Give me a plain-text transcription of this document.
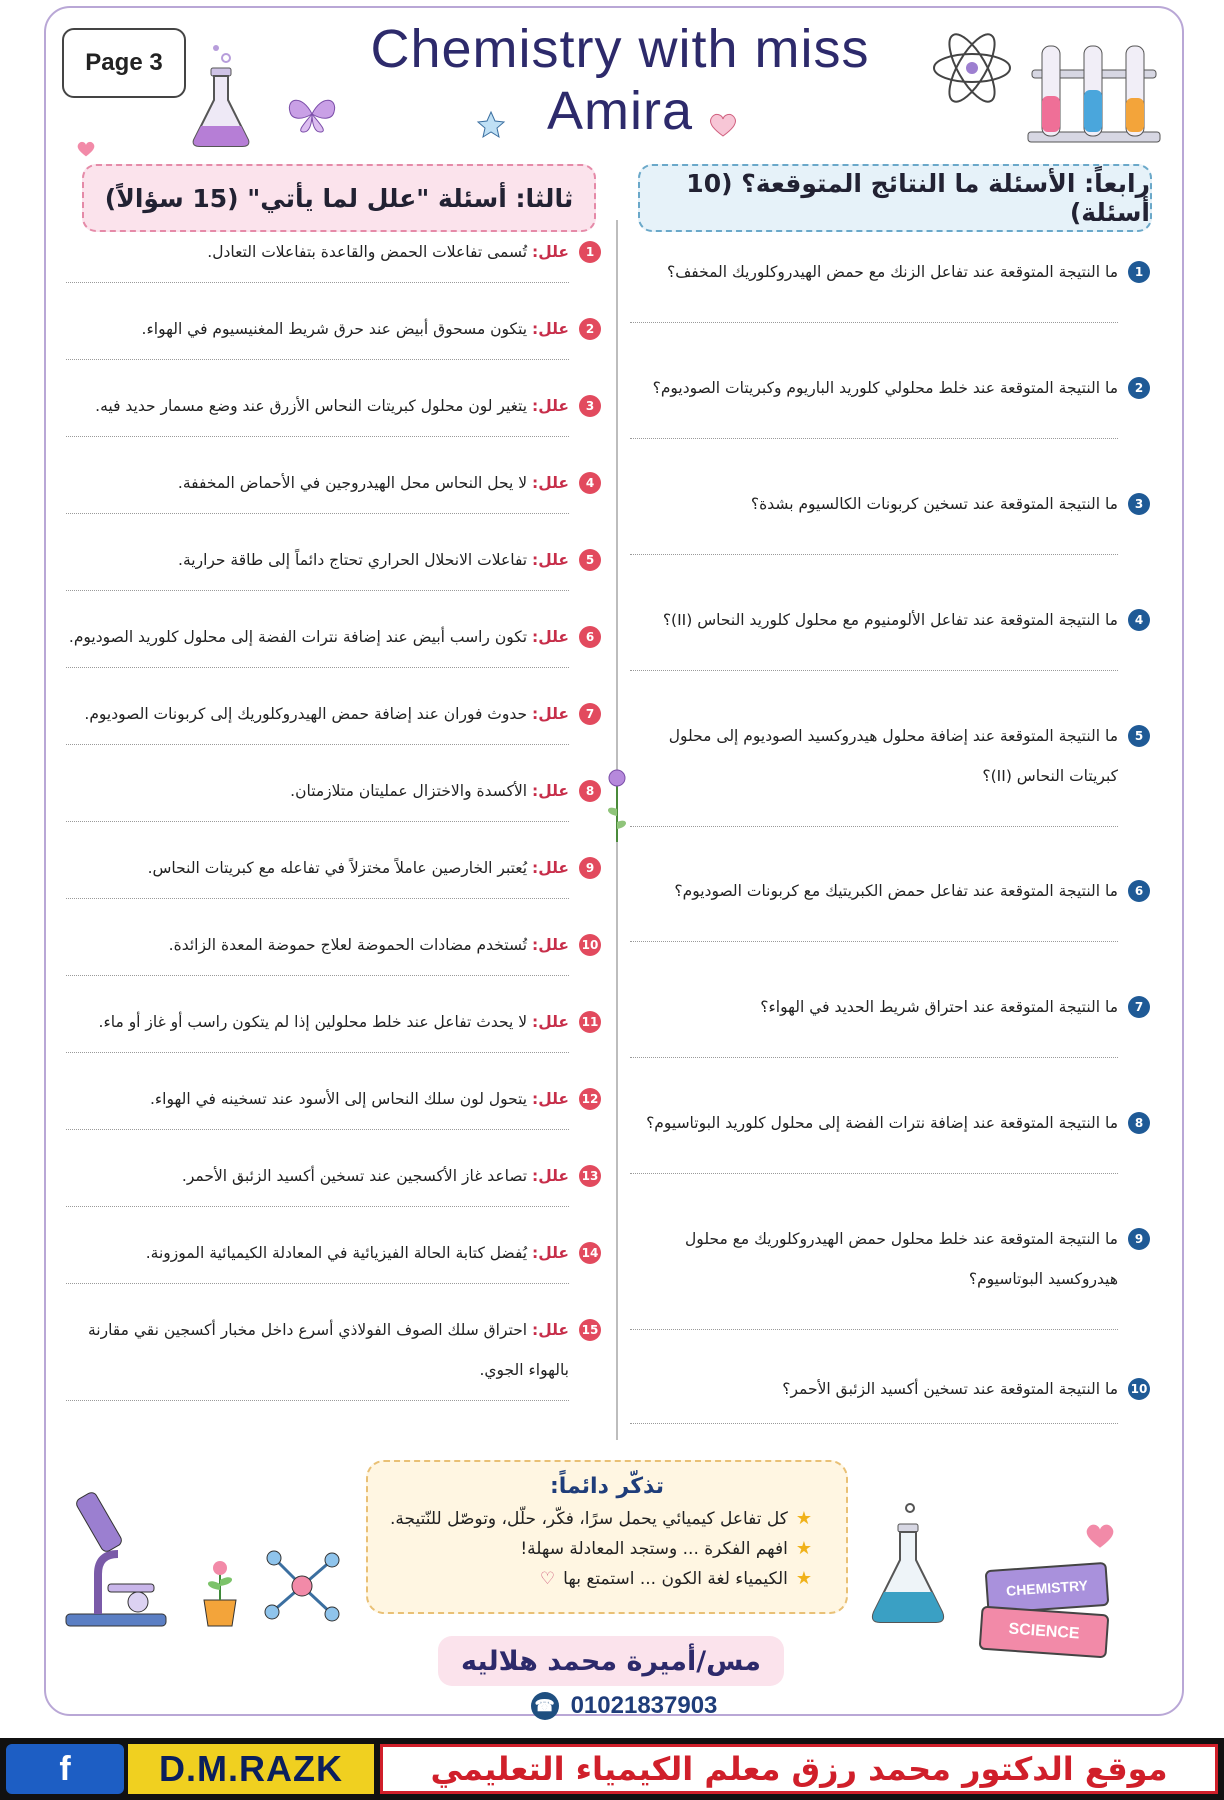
Page 3	Chemistry with miss Amira
ثالثا: أسئلة "علل لما يأتي" (15 سؤالاً)	رابعاً: الأسئلة ما النتائج المتوقعة؟ (10 أسئلة)
1
علل: تُسمى تفاعلات الحمض والقاعدة بتفاعلات التعادل.
2
علل: يتكون مسحوق أبيض عند حرق شريط المغنيسيوم في الهواء.
3
علل: يتغير لون محلول كبريتات النحاس الأزرق عند وضع مسمار حديد فيه.
4
علل: لا يحل النحاس محل الهيدروجين في الأحماض المخففة.
5
علل: تفاعلات الانحلال الحراري تحتاج دائماً إلى طاقة حرارية.
6
علل: تكون راسب أبيض عند إضافة نترات الفضة إلى محلول كلوريد الصوديوم.
7
علل: حدوث فوران عند إضافة حمض الهيدروكلوريك إلى كربونات الصوديوم.
8
علل: الأكسدة والاختزال عمليتان متلازمتان.
9
علل: يُعتبر الخارصين عاملاً مختزلاً في تفاعله مع كبريتات النحاس.
10
علل: تُستخدم مضادات الحموضة لعلاج حموضة المعدة الزائدة.
11
علل: لا يحدث تفاعل عند خلط محلولين إذا لم يتكون راسب أو غاز أو ماء.
12
علل: يتحول لون سلك النحاس إلى الأسود عند تسخينه في الهواء.
13
علل: تصاعد غاز الأكسجين عند تسخين أكسيد الزئبق الأحمر.
14
علل: يُفضل كتابة الحالة الفيزيائية في المعادلة الكيميائية الموزونة.
15
علل: احتراق سلك الصوف الفولاذي أسرع داخل مخبار أكسجين نقي مقارنة بالهواء الجوي.
1
ما النتيجة المتوقعة عند تفاعل الزنك مع حمض الهيدروكلوريك المخفف؟
2
ما النتيجة المتوقعة عند خلط محلولي كلوريد الباريوم وكبريتات الصوديوم؟
3
ما النتيجة المتوقعة عند تسخين كربونات الكالسيوم بشدة؟
4
ما النتيجة المتوقعة عند تفاعل الألومنيوم مع محلول كلوريد النحاس (II)؟
5
ما النتيجة المتوقعة عند إضافة محلول هيدروكسيد الصوديوم إلى محلول كبريتات النحاس (II)؟
6
ما النتيجة المتوقعة عند تفاعل حمض الكبريتيك مع كربونات الصوديوم؟
7
ما النتيجة المتوقعة عند احتراق شريط الحديد في الهواء؟
8
ما النتيجة المتوقعة عند إضافة نترات الفضة إلى محلول كلوريد البوتاسيوم؟
9
ما النتيجة المتوقعة عند خلط محلول حمض الهيدروكلوريك مع محلول هيدروكسيد البوتاسيوم؟
10
ما النتيجة المتوقعة عند تسخين أكسيد الزئبق الأحمر؟
CHEMISTRY
SCIENCE
تذكّر دائماً:
★
كل تفاعل كيميائي يحمل سرًا، فكّر، حلّل، وتوصّل للنّتيجة.
★
افهم الفكرة ... وستجد المعادلة سهلة!
★
الكيمياء لغة الكون ... استمتع بها
♡
مس/أميرة محمد هلاليه
☎ 01021837903
f	D.M.RAZK	موقع الدكتور محمد رزق معلم الكيمياء التعليمي
